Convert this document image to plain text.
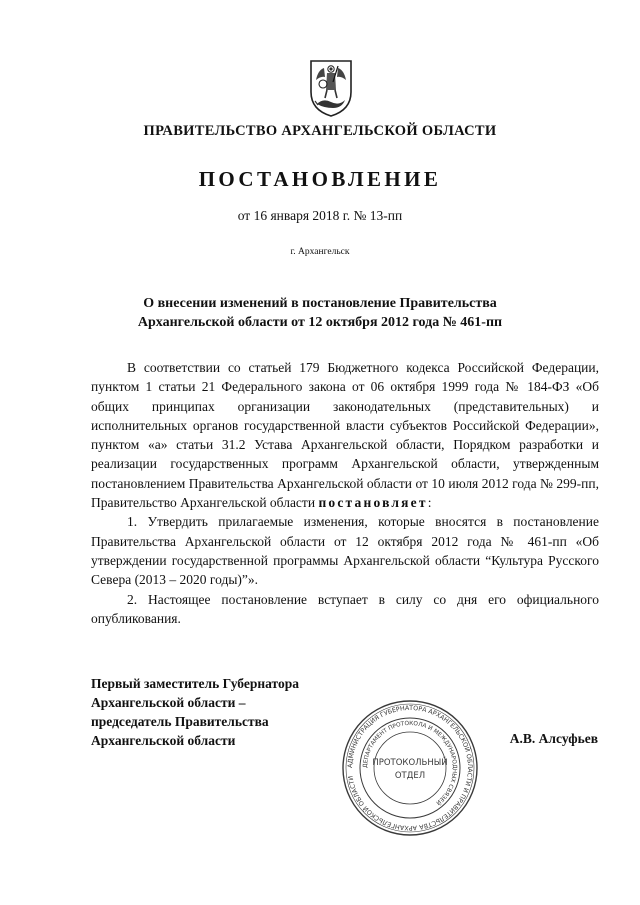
ПРАВИТЕЛЬСТВО АРХАНГЕЛЬСКОЙ ОБЛАСТИ
ПОСТАНОВЛЕНИЕ
от 16 января 2018 г. № 13-пп
г. Архангельск
О внесении изменений в постановление Правительства
Архангельской области от 12 октября 2012 года № 461-пп

В соответствии со статьей 179 Бюджетного кодекса Российской Федерации, пунктом 1 статьи 21 Федерального закона от 06 октября 1999 года № 184-ФЗ «Об общих принципах организации законодательных (представительных) и исполнительных органов государственной власти субъектов Российской Федерации», пунктом «а» статьи 31.2 Устава Архангельской области, Порядком разработки и реализации государственных программ Архангельской области, утвержденным постановлением Правительства Архангельской области от 10 июля 2012 года № 299-пп, Правительство Архангельской области постановляет:

1. Утвердить прилагаемые изменения, которые вносятся в постановление Правительства Архангельской области от 12 октября 2012 года № 461-пп «Об утверждении государственной программы Архангельской области “Культура Русского Севера (2013 – 2020 годы)”».

2. Настоящее постановление вступает в силу со дня его официального опубликования.

Первый заместитель Губернатора
Архангельской области –
председатель Правительства
Архангельской области	А.В. Алсуфьев
АДМИНИСТРАЦИЯ ГУБЕРНАТОРА АРХАНГЕЛЬСКОЙ ОБЛАСТИ И ПРАВИТЕЛЬСТВА АРХАНГЕЛЬСКОЙ ОБЛАСТИ
ДЕПАРТАМЕНТ ПРОТОКОЛА И МЕЖДУНАРОДНЫХ СВЯЗЕЙ
ПРОТОКОЛЬНЫЙ
ОТДЕЛ
